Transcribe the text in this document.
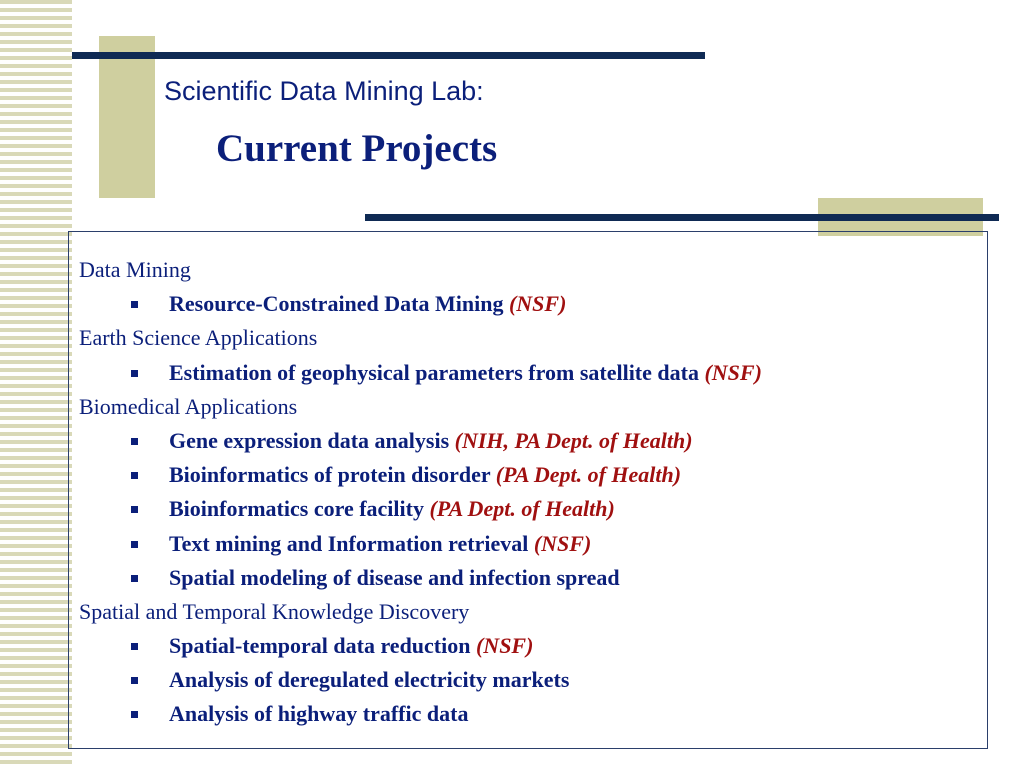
Scientific Data Mining Lab:
Current Projects
Data Mining
Resource-Constrained Data Mining (NSF)
Earth Science Applications
Estimation of geophysical parameters from satellite data (NSF)
Biomedical Applications
Gene expression data analysis (NIH, PA Dept. of Health)
Bioinformatics of protein disorder (PA Dept. of Health)
Bioinformatics core facility (PA Dept. of Health)
Text mining and Information retrieval (NSF)
Spatial modeling of disease and infection spread
Spatial and Temporal Knowledge Discovery
Spatial-temporal data reduction (NSF)
Analysis of deregulated electricity markets
Analysis of highway traffic data
